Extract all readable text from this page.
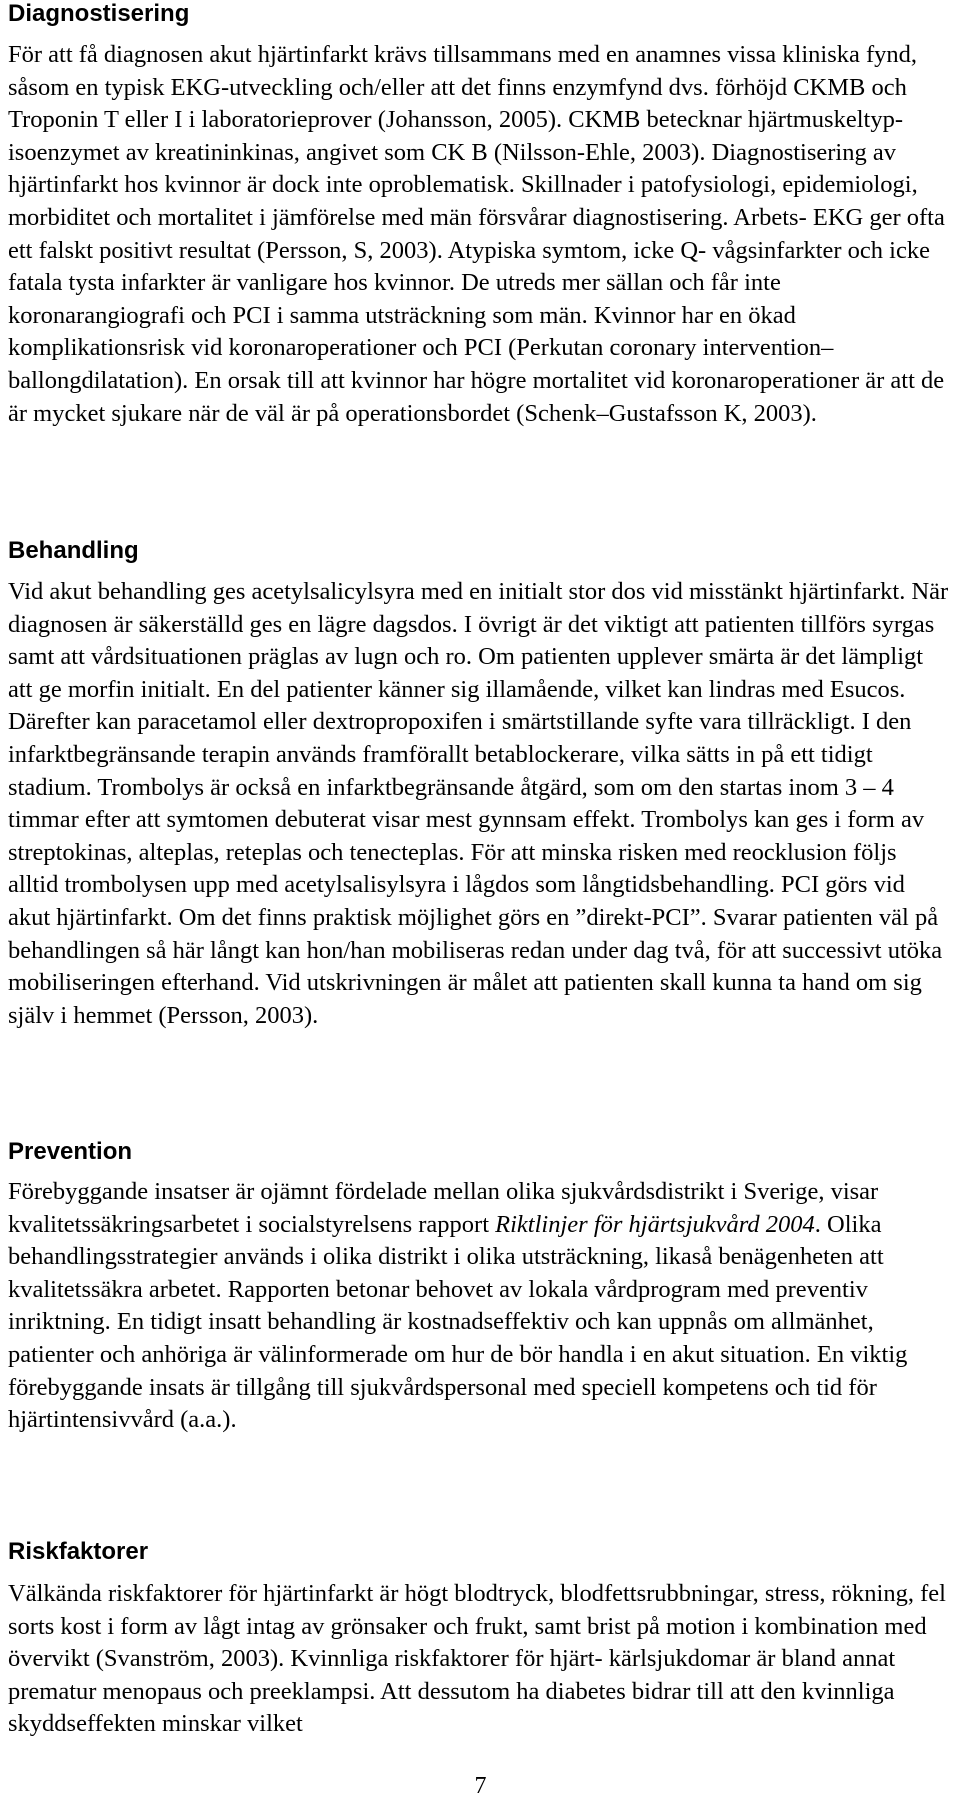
Diagnostisering

För att få diagnosen akut hjärtinfarkt krävs tillsammans med en anamnes vissa kliniska fynd, såsom en typisk EKG-utveckling och/eller att det finns enzymfynd dvs. förhöjd CKMB och Troponin T eller I i laboratorieprover (Johansson, 2005). CKMB betecknar hjärtmuskeltyp-isoenzymet av kreatininkinas, angivet som CK B (Nilsson-Ehle, 2003). Diagnostisering av hjärtinfarkt hos kvinnor är dock inte oproblematisk. Skillnader i patofysiologi, epidemiologi, morbiditet och mortalitet i jämförelse med män försvårar diagnostisering. Arbets- EKG ger ofta ett falskt positivt resultat (Persson, S, 2003). Atypiska symtom, icke Q- vågsinfarkter och icke fatala tysta infarkter är vanligare hos kvinnor. De utreds mer sällan och får inte koronarangiografi och PCI i samma utsträckning som män. Kvinnor har en ökad komplikationsrisk vid koronaroperationer och PCI (Perkutan coronary intervention–ballongdilatation). En orsak till att kvinnor har högre mortalitet vid koronaroperationer är att de är mycket sjukare när de väl är på operationsbordet (Schenk–Gustafsson K, 2003).

Behandling

Vid akut behandling ges acetylsalicylsyra med en initialt stor dos vid misstänkt hjärtinfarkt. När diagnosen är säkerställd ges en lägre dagsdos. I övrigt är det viktigt att patienten tillförs syrgas samt att vårdsituationen präglas av lugn och ro. Om patienten upplever smärta är det lämpligt att ge morfin initialt. En del patienter känner sig illamående, vilket kan lindras med Esucos. Därefter kan paracetamol eller dextropropoxifen i smärtstillande syfte vara tillräckligt. I den infarktbegränsande terapin används framförallt betablockerare, vilka sätts in på ett tidigt stadium. Trombolys är också en infarktbegränsande åtgärd, som om den startas inom 3 – 4 timmar efter att symtomen debuterat visar mest gynnsam effekt. Trombolys kan ges i form av streptokinas, alteplas, reteplas och tenecteplas. För att minska risken med reocklusion följs alltid trombolysen upp med acetylsalisylsyra i lågdos som långtidsbehandling. PCI görs vid akut hjärtinfarkt. Om det finns praktisk möjlighet görs en ”direkt-PCI”. Svarar patienten väl på behandlingen så här långt kan hon/han mobiliseras redan under dag två, för att successivt utöka mobiliseringen efterhand. Vid utskrivningen är målet att patienten skall kunna ta hand om sig själv i hemmet (Persson, 2003).

Prevention

Förebyggande insatser är ojämnt fördelade mellan olika sjukvårdsdistrikt i Sverige, visar kvalitetssäkringsarbetet i socialstyrelsens rapport Riktlinjer för hjärtsjukvård 2004. Olika behandlingsstrategier används i olika distrikt i olika utsträckning, likaså benägenheten att kvalitetssäkra arbetet. Rapporten betonar behovet av lokala vårdprogram med preventiv inriktning. En tidigt insatt behandling är kostnadseffektiv och kan uppnås om allmänhet, patienter och anhöriga är välinformerade om hur de bör handla i en akut situation. En viktig förebyggande insats är tillgång till sjukvårdspersonal med speciell kompetens och tid för hjärtintensivvård (a.a.).

Riskfaktorer

Välkända riskfaktorer för hjärtinfarkt är högt blodtryck, blodfettsrubbningar, stress, rökning, fel sorts kost i form av lågt intag av grönsaker och frukt, samt brist på motion i kombination med övervikt (Svanström, 2003). Kvinnliga riskfaktorer för hjärt- kärlsjukdomar är bland annat prematur menopaus och preeklampsi. Att dessutom ha diabetes bidrar till att den kvinnliga skyddseffekten minskar vilket

7
